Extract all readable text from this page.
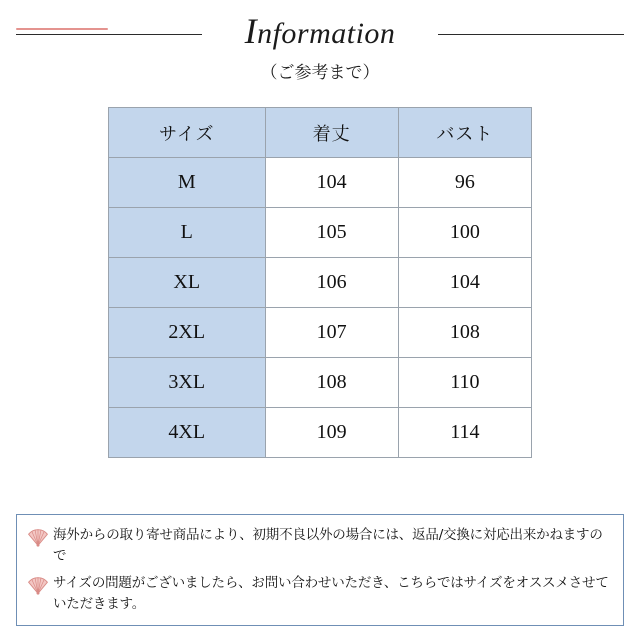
Information
（ご参考まで）
サイズ	着丈	バスト
M	104	96
L	105	100
XL	106	104
2XL	107	108
3XL	108	110
4XL	109	114
海外からの取り寄せ商品により、初期不良以外の場合には、返品/交換に対応出来かねますので
サイズの問題がございましたら、お問い合わせいただき、こちらではサイズをオススメさせていただきます。
